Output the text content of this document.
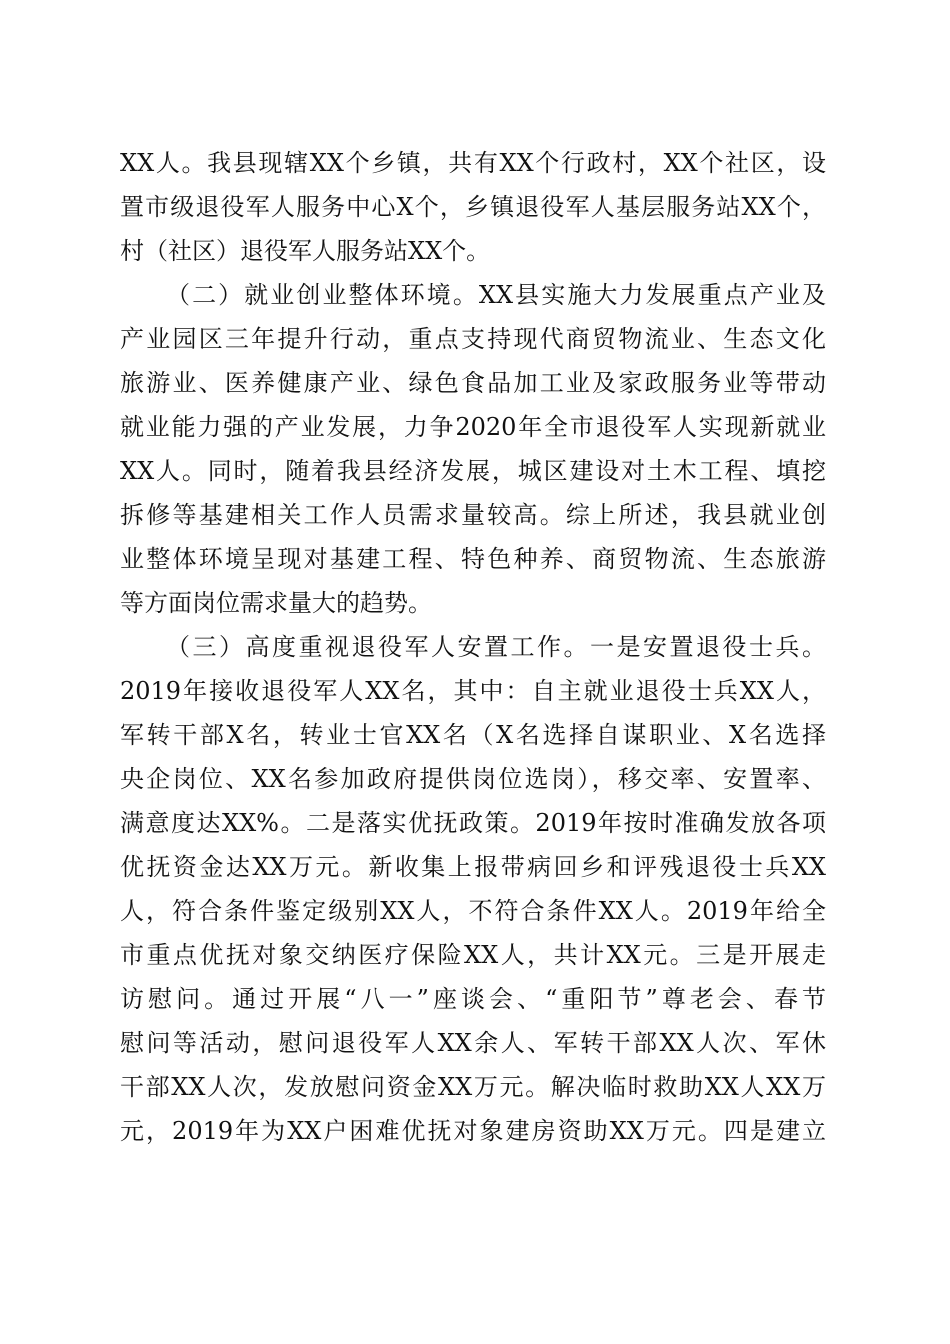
XX人。我县现辖XX个乡镇，共有XX个行政村，XX个社区，设
置市级退役军人服务中心X个，乡镇退役军人基层服务站XX个，
村（社区）退役军人服务站XX个。
（二）就业创业整体环境。XX县实施大力发展重点产业及
产业园区三年提升行动，重点支持现代商贸物流业、生态文化
旅游业、医养健康产业、绿色食品加工业及家政服务业等带动
就业能力强的产业发展，力争2020年全市退役军人实现新就业
XX人。同时，随着我县经济发展，城区建设对土木工程、填挖
拆修等基建相关工作人员需求量较高。综上所述，我县就业创
业整体环境呈现对基建工程、特色种养、商贸物流、生态旅游
等方面岗位需求量大的趋势。
（三）高度重视退役军人安置工作。一是安置退役士兵。
2019年接收退役军人XX名，其中：自主就业退役士兵XX人，
军转干部X名，转业士官XX名（X名选择自谋职业、X名选择
央企岗位、XX名参加政府提供岗位选岗），移交率、安置率、
满意度达XX%。二是落实优抚政策。2019年按时准确发放各项
优抚资金达XX万元。新收集上报带病回乡和评残退役士兵XX
人，符合条件鉴定级别XX人，不符合条件XX人。2019年给全
市重点优抚对象交纳医疗保险XX人，共计XX元。三是开展走
访慰问。通过开展“八一”座谈会、“重阳节”尊老会、春节
慰问等活动，慰问退役军人XX余人、军转干部XX人次、军休
干部XX人次，发放慰问资金XX万元。解决临时救助XX人XX万
元，2019年为XX户困难优抚对象建房资助XX万元。四是建立
